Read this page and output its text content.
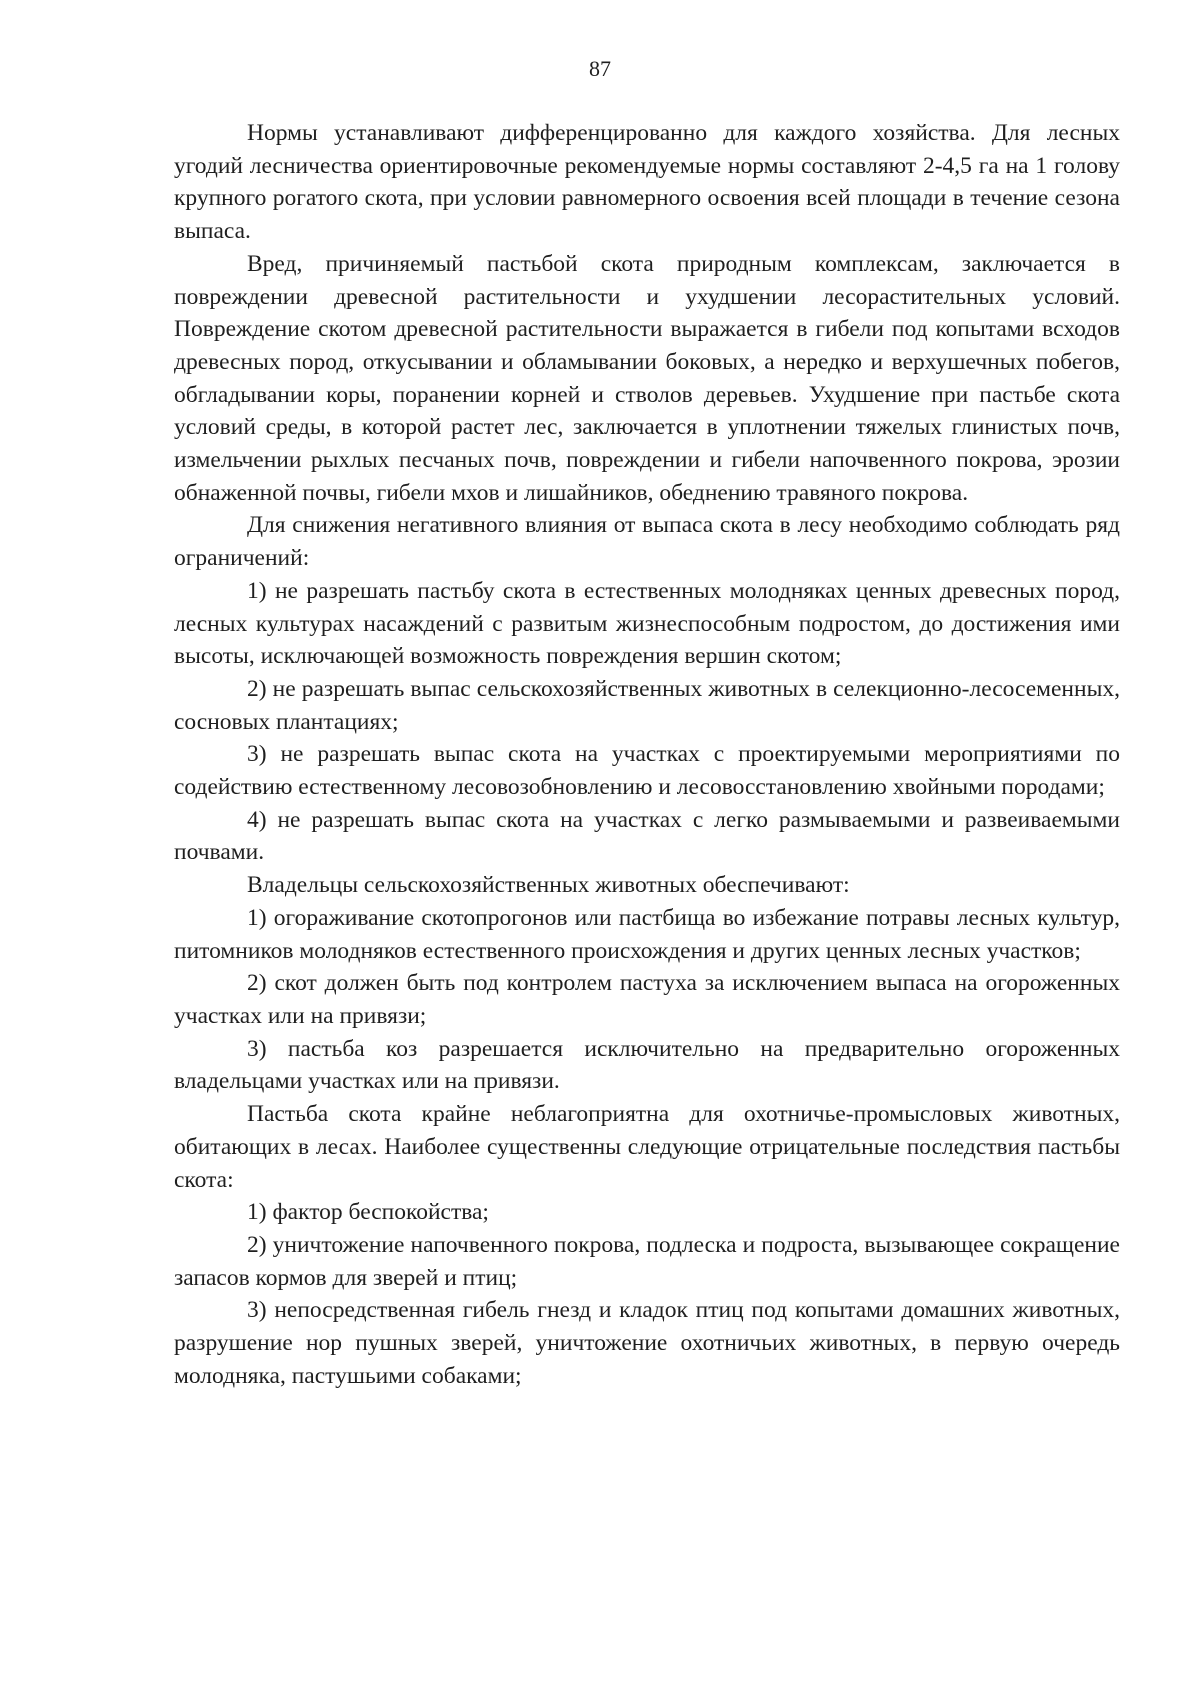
87

Нормы устанавливают дифференцированно для каждого хозяйства. Для лесных угодий лесничества ориентировочные рекомендуемые нормы составляют 2-4,5 га на 1 голову крупного рогатого скота, при условии равномерного освоения всей площади в течение сезона выпаса.

Вред, причиняемый пастьбой скота природным комплексам, заключается в повреждении древесной растительности и ухудшении лесорастительных условий. Повреждение скотом древесной растительности выражается в гибели под копытами всходов древесных пород, откусывании и обламывании боковых, а нередко и верхушечных побегов, обгладывании коры, поранении корней и стволов деревьев. Ухудшение при пастьбе скота условий среды, в которой растет лес, заключается в уплотнении тяжелых глинистых почв, измельчении рыхлых песчаных почв, повреждении и гибели напочвенного покрова, эрозии обнаженной почвы, гибели мхов и лишайников, обеднению травяного покрова.

Для снижения негативного влияния от выпаса скота в лесу необходимо соблюдать ряд ограничений:

1) не разрешать пастьбу скота в естественных молодняках ценных древесных пород, лесных культурах насаждений с развитым жизнеспособным подростом, до достижения ими высоты, исключающей возможность повреждения вершин скотом;

2) не разрешать выпас сельскохозяйственных животных в селекционно-лесосеменных, сосновых плантациях;

3) не разрешать выпас скота на участках с проектируемыми мероприятиями по содействию естественному лесовозобновлению и лесовосстановлению хвойными породами;

4) не разрешать выпас скота на участках с легко размываемыми и развеиваемыми почвами.

Владельцы сельскохозяйственных животных обеспечивают:

1) огораживание скотопрогонов или пастбища во избежание потравы лесных культур, питомников молодняков естественного происхождения и других ценных лесных участков;

2) скот должен быть под контролем пастуха за исключением выпаса на огороженных участках или на привязи;

3) пастьба коз разрешается исключительно на предварительно огороженных владельцами участках или на привязи.

Пастьба скота крайне неблагоприятна для охотничье-промысловых животных, обитающих в лесах. Наиболее существенны следующие отрицательные последствия пастьбы скота:

1) фактор беспокойства;

2) уничтожение напочвенного покрова, подлеска и подроста, вызывающее сокращение запасов кормов для зверей и птиц;

3) непосредственная гибель гнезд и кладок птиц под копытами домашних животных, разрушение нор пушных зверей, уничтожение охотничьих животных, в первую очередь молодняка, пастушьими собаками;
